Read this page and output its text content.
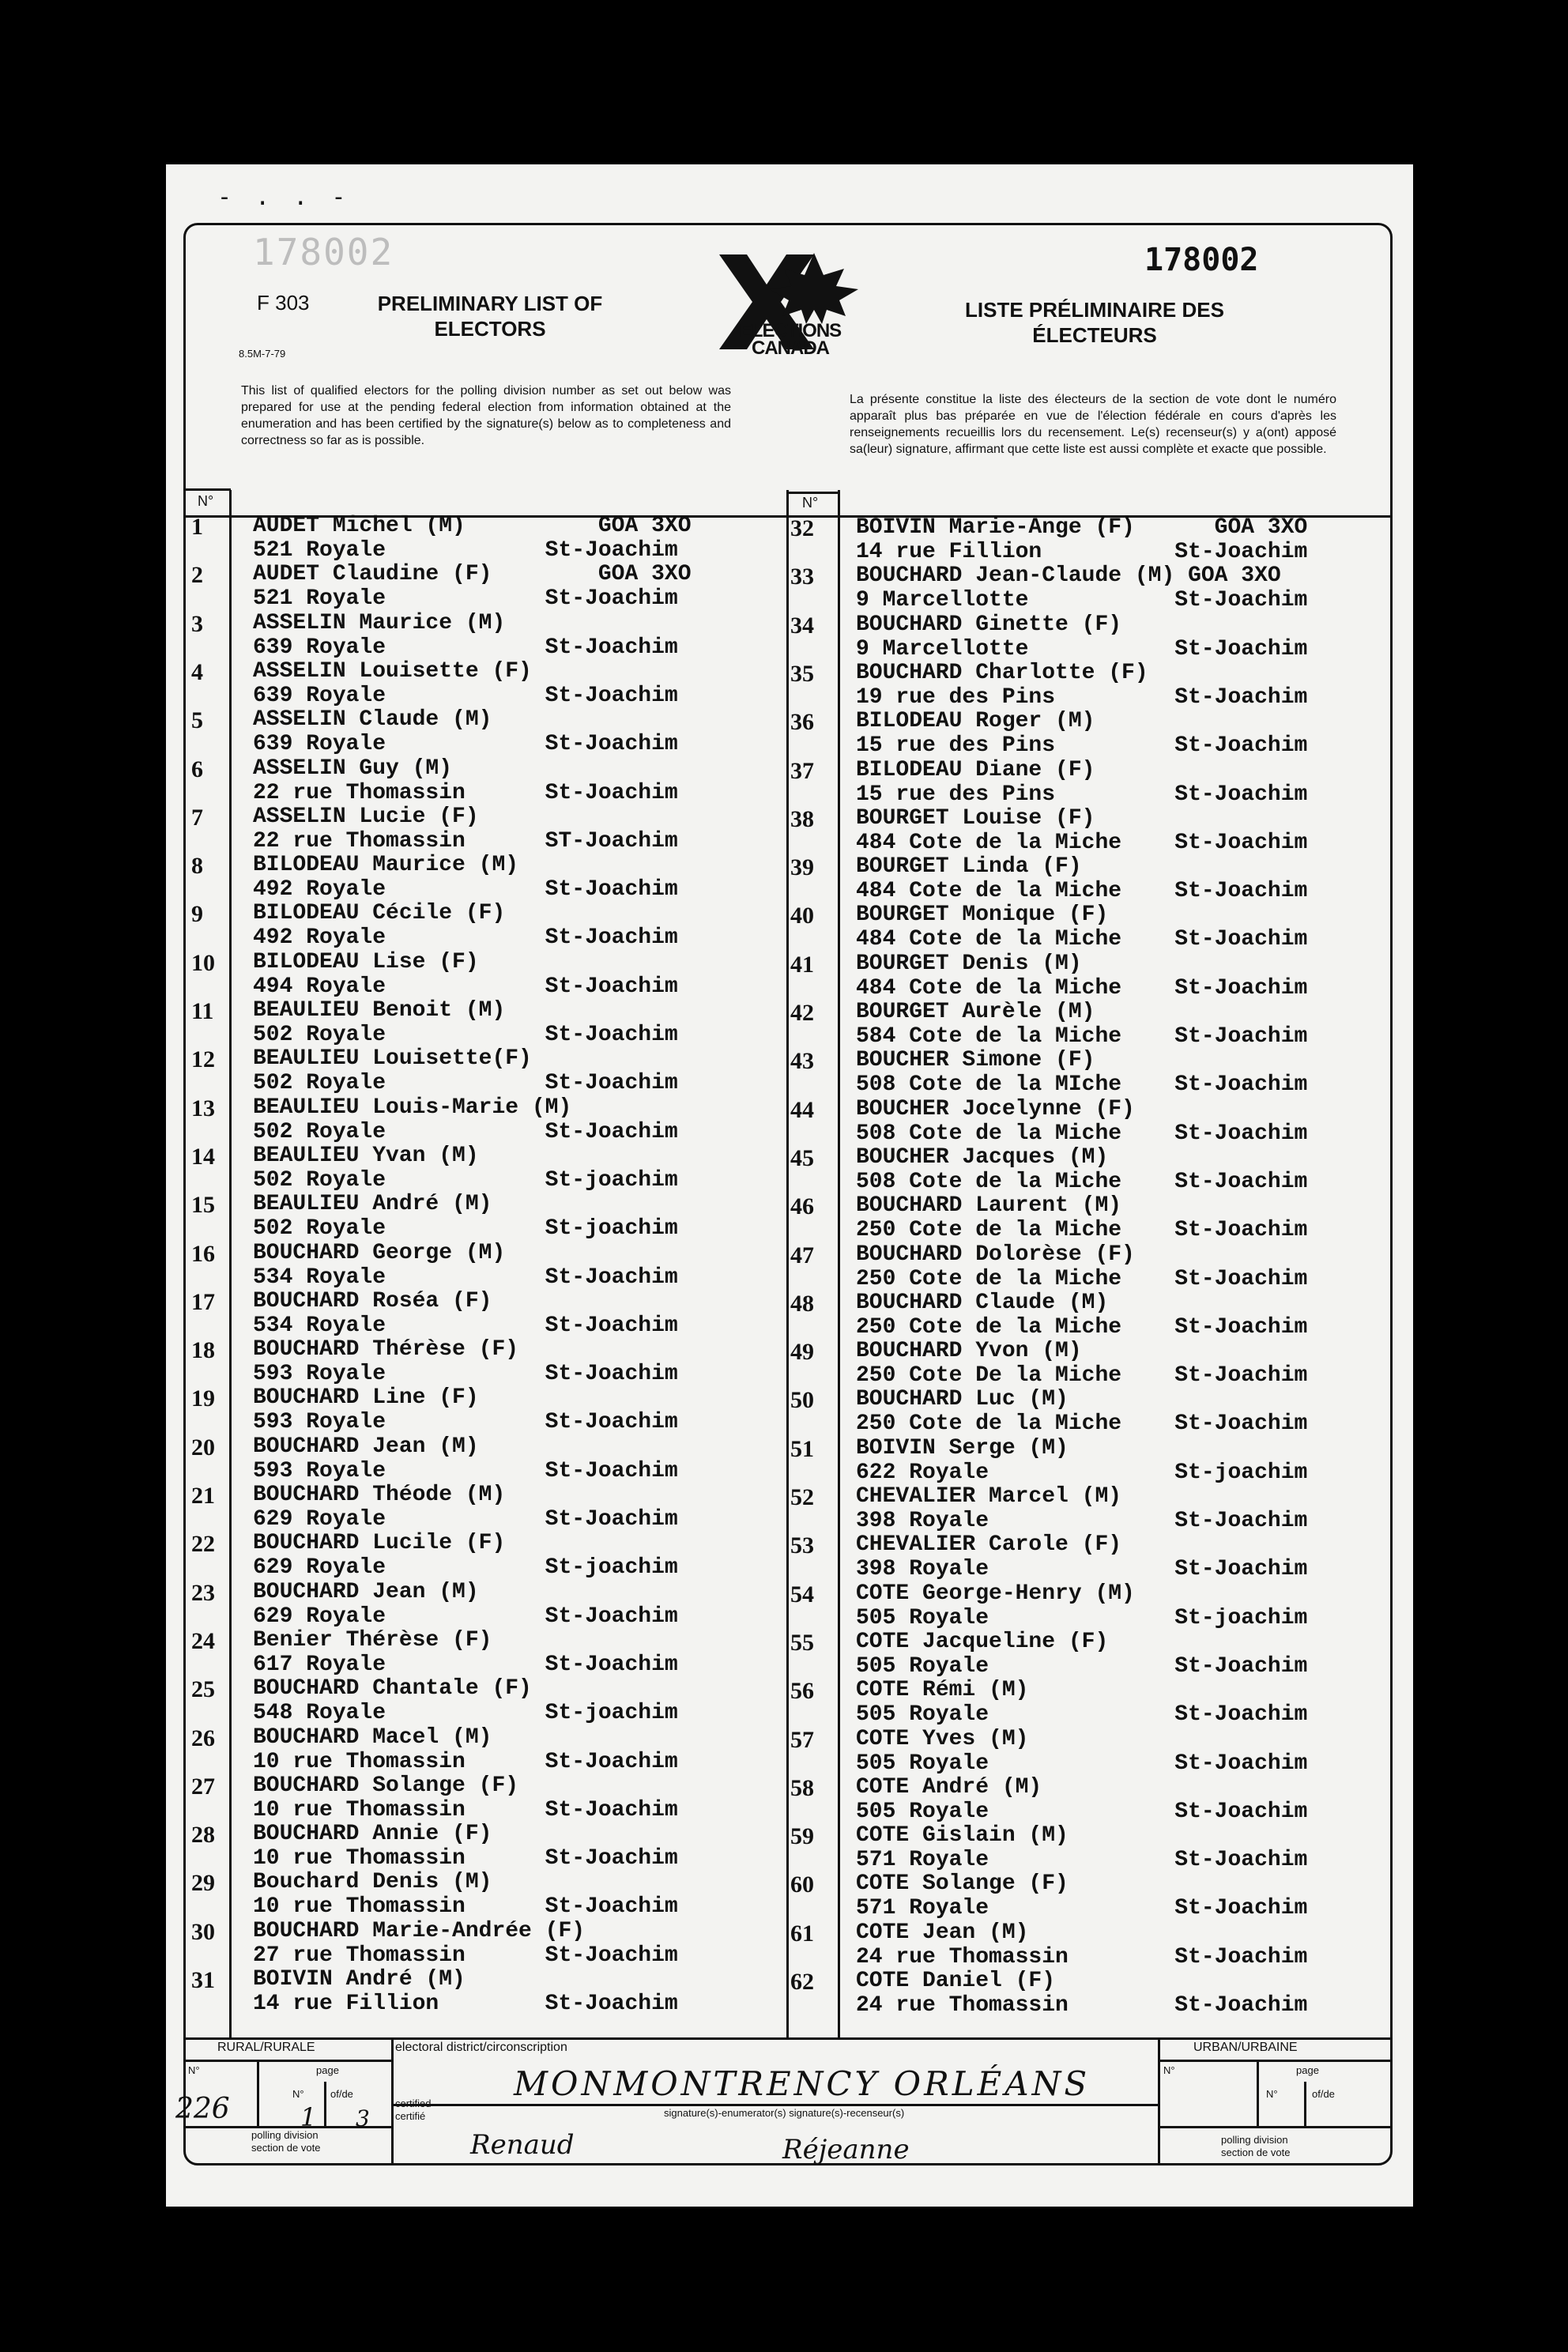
- . . -
178002	178002
F 303
8.5M-7-79
PRELIMINARY LIST OF
ELECTORS	ELECTIONS
CANADA
LISTE PRÉLIMINAIRE DES
ÉLECTEURS
This list of qualified electors for the polling division number as set out below was prepared for use at the pending federal election from information obtained at the enumeration and has been certified by the signature(s) below as to completeness and correctness so far as is possible.
La présente constitue la liste des électeurs de la section de vote dont le numéro apparaît plus bas préparée en vue de l'élection fédérale en cours d'après les renseignements recueillis lors du recensement. Le(s) recenseur(s) y a(ont) apposé sa(leur) signature, affirmant que cette liste est aussi complète et exacte que possible.
N°	N°
1 AUDET Michel (M)          GOA 3XO
521 Royale            St-Joachim
2 AUDET Claudine (F)        GOA 3XO
521 Royale            St-Joachim
3 ASSELIN Maurice (M)
639 Royale            St-Joachim
4 ASSELIN Louisette (F)
639 Royale            St-Joachim
5 ASSELIN Claude (M)
639 Royale            St-Joachim
6 ASSELIN Guy (M)
22 rue Thomassin      St-Joachim
7 ASSELIN Lucie (F)
22 rue Thomassin      ST-Joachim
8 BILODEAU Maurice (M)
492 Royale            St-Joachim
9 BILODEAU Cécile (F)
492 Royale            St-Joachim
10 BILODEAU Lise (F)
494 Royale            St-Joachim
11 BEAULIEU Benoit (M)
502 Royale            St-Joachim
12 BEAULIEU Louisette(F)
502 Royale            St-Joachim
13 BEAULIEU Louis-Marie (M)
502 Royale            St-Joachim
14 BEAULIEU Yvan (M)
502 Royale            St-joachim
15 BEAULIEU André (M)
502 Royale            St-joachim
16 BOUCHARD George (M)
534 Royale            St-Joachim
17 BOUCHARD Roséa (F)
534 Royale            St-Joachim
18 BOUCHARD Thérèse (F)
593 Royale            St-Joachim
19 BOUCHARD Line (F)
593 Royale            St-Joachim
20 BOUCHARD Jean (M)
593 Royale            St-Joachim
21 BOUCHARD Théode (M)
629 Royale            St-Joachim
22 BOUCHARD Lucile (F)
629 Royale            St-joachim
23 BOUCHARD Jean (M)
629 Royale            St-Joachim
24 Benier Thérèse (F)
617 Royale            St-Joachim
25 BOUCHARD Chantale (F)
548 Royale            St-joachim
26 BOUCHARD Macel (M)
10 rue Thomassin      St-Joachim
27 BOUCHARD Solange (F)
10 rue Thomassin      St-Joachim
28 BOUCHARD Annie (F)
10 rue Thomassin      St-Joachim
29 Bouchard Denis (M)
10 rue Thomassin      St-Joachim
30 BOUCHARD Marie-Andrée (F)
27 rue Thomassin      St-Joachim
31 BOIVIN André (M)
14 rue Fillion        St-Joachim
32 BOIVIN Marie-Ange (F)      GOA 3XO
14 rue Fillion          St-Joachim
33 BOUCHARD Jean-Claude (M) GOA 3XO
9 Marcellotte           St-Joachim
34 BOUCHARD Ginette (F)
9 Marcellotte           St-Joachim
35 BOUCHARD Charlotte (F)
19 rue des Pins         St-Joachim
36 BILODEAU Roger (M)
15 rue des Pins         St-Joachim
37 BILODEAU Diane (F)
15 rue des Pins         St-Joachim
38 BOURGET Louise (F)
484 Cote de la Miche    St-Joachim
39 BOURGET Linda (F)
484 Cote de la Miche    St-Joachim
40 BOURGET Monique (F)
484 Cote de la Miche    St-Joachim
41 BOURGET Denis (M)
484 Cote de la Miche    St-Joachim
42 BOURGET Aurèle (M)
584 Cote de la Miche    St-Joachim
43 BOUCHER Simone (F)
508 Cote de la MIche    St-Joachim
44 BOUCHER Jocelynne (F)
508 Cote de la Miche    St-Joachim
45 BOUCHER Jacques (M)
508 Cote de la Miche    St-Joachim
46 BOUCHARD Laurent (M)
250 Cote de la Miche    St-Joachim
47 BOUCHARD Dolorèse (F)
250 Cote de la Miche    St-Joachim
48 BOUCHARD Claude (M)
250 Cote de la Miche    St-Joachim
49 BOUCHARD Yvon (M)
250 Cote De la Miche    St-Joachim
50 BOUCHARD Luc (M)
250 Cote de la Miche    St-Joachim
51 BOIVIN Serge (M)
622 Royale              St-joachim
52 CHEVALIER Marcel (M)
398 Royale              St-Joachim
53 CHEVALIER Carole (F)
398 Royale              St-Joachim
54 COTE George-Henry (M)
505 Royale              St-joachim
55 COTE Jacqueline (F)
505 Royale              St-Joachim
56 COTE Rémi (M)
505 Royale              St-Joachim
57 COTE Yves (M)
505 Royale              St-Joachim
58 COTE André (M)
505 Royale              St-Joachim
59 COTE Gislain (M)
571 Royale              St-Joachim
60 COTE Solange (F)
571 Royale              St-Joachim
61 COTE Jean (M)
24 rue Thomassin        St-Joachim
62 COTE Daniel (F)
24 rue Thomassin        St-Joachim
RURAL/RURALE	electoral district/circonscription	URBAN/URBAINE
N°	page
N°	of/de
N°	page
N°	of/de
certified
certifié	signature(s)-enumerator(s) signature(s)-recenseur(s)
polling division
section de vote
polling division
section de vote
226	1 3
MONMONTRENCY ORLÉANS
Renaud	Réjeanne
